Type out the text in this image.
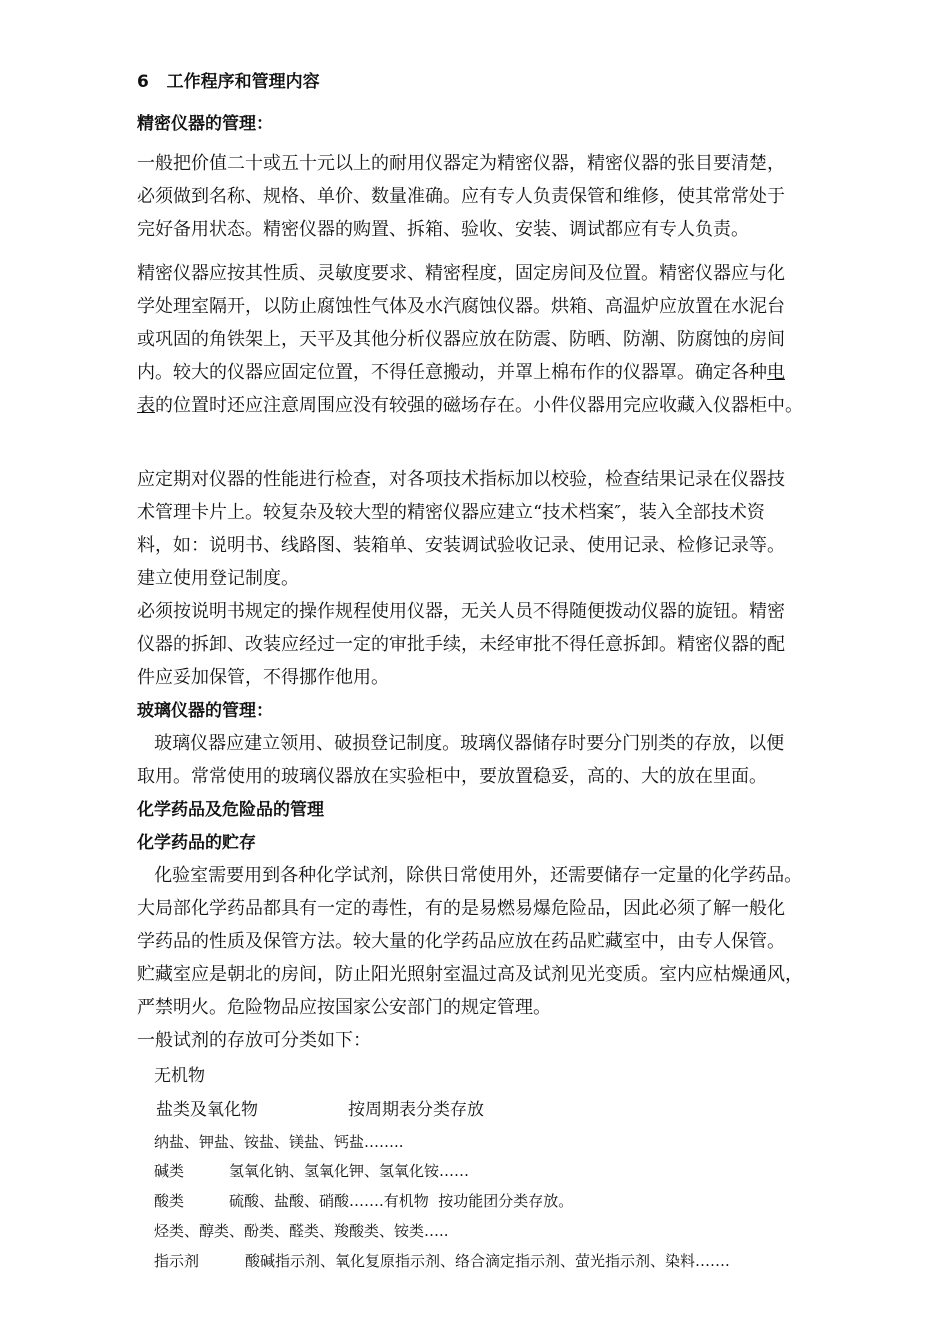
6   工作程序和管理内容
精密仪器的管理：
一般把价值二十或五十元以上的耐用仪器定为精密仪器，精密仪器的张目要清楚，
必须做到名称、规格、单价、数量准确。应有专人负责保管和维修，使其常常处于
完好备用状态。精密仪器的购置、拆箱、验收、安装、调试都应有专人负责。
精密仪器应按其性质、灵敏度要求、精密程度，固定房间及位置。精密仪器应与化
学处理室隔开，以防止腐蚀性气体及水汽腐蚀仪器。烘箱、高温炉应放置在水泥台
或巩固的角铁架上，天平及其他分析仪器应放在防震、防晒、防潮、防腐蚀的房间
内。较大的仪器应固定位置，不得任意搬动，并罩上棉布作的仪器罩。确定各种电
表的位置时还应注意周围应没有较强的磁场存在。小件仪器用完应收藏入仪器柜中。
应定期对仪器的性能进行检查，对各项技术指标加以校验，检查结果记录在仪器技
术管理卡片上。较复杂及较大型的精密仪器应建立“技术档案″，装入全部技术资
料，如：说明书、线路图、装箱单、安装调试验收记录、使用记录、检修记录等。
建立使用登记制度。
必须按说明书规定的操作规程使用仪器，无关人员不得随便拨动仪器的旋钮。精密
仪器的拆卸、改装应经过一定的审批手续，未经审批不得任意拆卸。精密仪器的配
件应妥加保管，不得挪作他用。
玻璃仪器的管理：
玻璃仪器应建立领用、破损登记制度。玻璃仪器储存时要分门别类的存放，以便
取用。常常使用的玻璃仪器放在实验柜中，要放置稳妥，高的、大的放在里面。
化学药品及危险品的管理
化学药品的贮存
化验室需要用到各种化学试剂，除供日常使用外，还需要储存一定量的化学药品。
大局部化学药品都具有一定的毒性，有的是易燃易爆危险品，因此必须了解一般化
学药品的性质及保管方法。较大量的化学药品应放在药品贮藏室中，由专人保管。
贮藏室应是朝北的房间，防止阳光照射室温过高及试剂见光变质。室内应枯燥通风，
严禁明火。危险物品应按国家公安部门的规定管理。
一般试剂的存放可分类如下：
无机物
盐类及氧化物	按周期表分类存放
纳盐、钾盐、铵盐、镁盐、钙盐……..
碱类	氢氧化钠、氢氧化钾、氢氧化铵……
酸类	硫酸、盐酸、硝酸…….有机物  按功能团分类存放。
烃类、醇类、酚类、醛类、羧酸类、铵类…..
指示剂	酸碱指示剂、氧化复原指示剂、络合滴定指示剂、萤光指示剂、染料…….
